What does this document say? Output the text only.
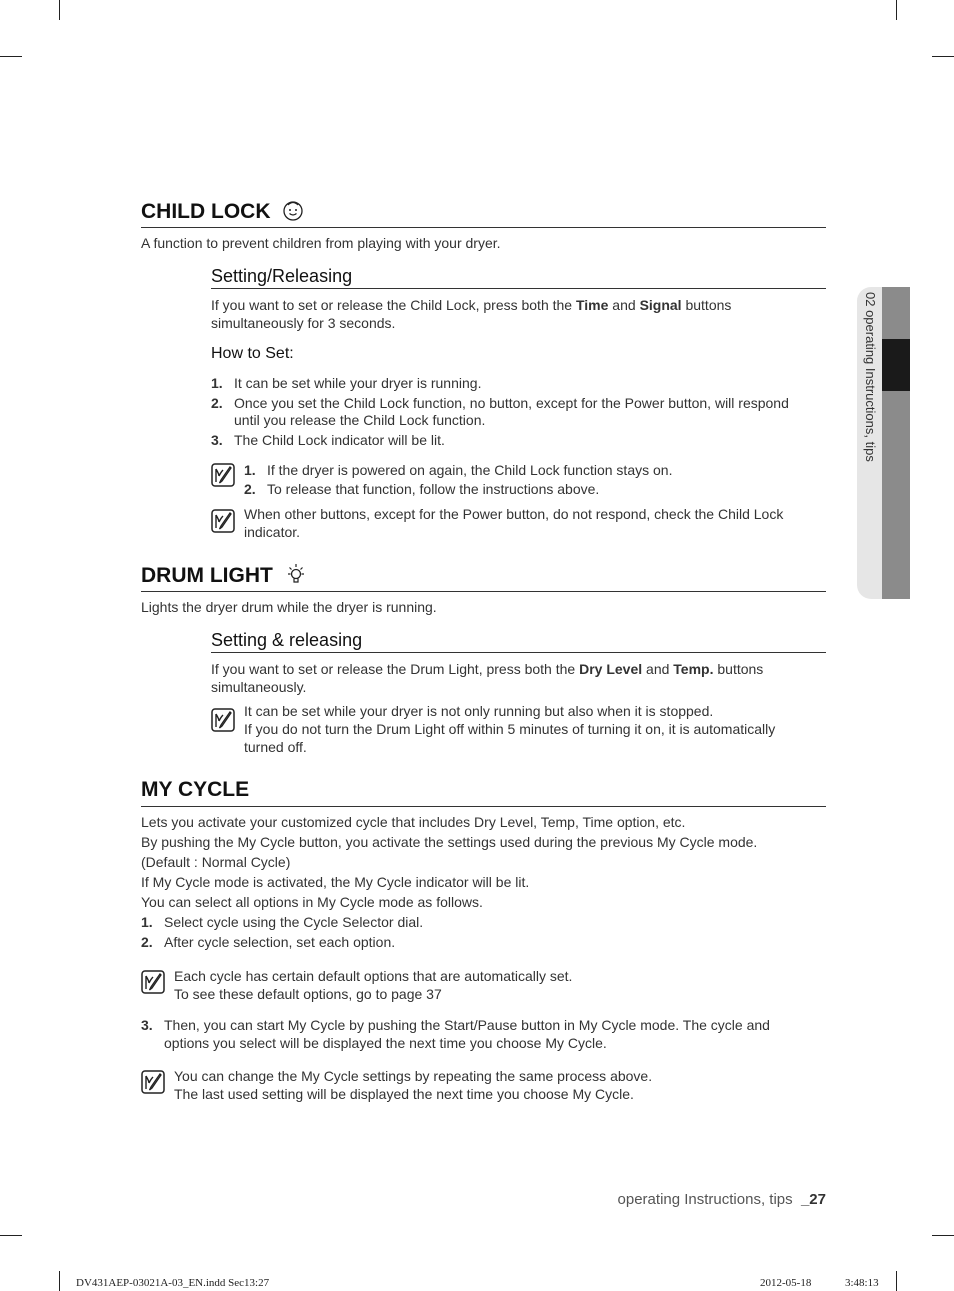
02 operating Instructions, tips
CHILD LOCK
A function to prevent children from playing with your dryer.
Setting/Releasing
If you want to set or release the Child Lock, press both the Time and Signal buttons
simultaneously for 3 seconds.
How to Set:
1. It can be set while your dryer is running.
2. Once you set the Child Lock function, no button, except for the Power button, will respond
until you release the Child Lock function.
3. The Child Lock indicator will be lit.
1. If the dryer is powered on again, the Child Lock function stays on.
2. To release that function, follow the instructions above.
When other buttons, except for the Power button, do not respond, check the Child Lock
indicator.
DRUM LIGHT
Lights the dryer drum while the dryer is running.
Setting & releasing
If you want to set or release the Drum Light, press both the Dry Level and Temp. buttons
simultaneously.
It can be set while your dryer is not only running but also when it is stopped.
If you do not turn the Drum Light off within 5 minutes of turning it on, it is automatically
turned off.
MY CYCLE
Lets you activate your customized cycle that includes Dry Level, Temp, Time option, etc.
By pushing the My Cycle button, you activate the settings used during the previous My Cycle mode.
(Default : Normal Cycle)
If My Cycle mode is activated, the My Cycle indicator will be lit.
You can select all options in My Cycle mode as follows.
1. Select cycle using the Cycle Selector dial.
2. After cycle selection, set each option.
Each cycle has certain default options that are automatically set.
To see these default options, go to page 37
3. Then, you can start My Cycle by pushing the Start/Pause button in My Cycle mode. The cycle and
options you select will be displayed the next time you choose My Cycle.
You can change the My Cycle settings by repeating the same process above.
The last used setting will be displayed the next time you choose My Cycle.
operating Instructions, tips _27
DV431AEP-03021A-03_EN.indd Sec13:27	2012-05-18	3:48:13
